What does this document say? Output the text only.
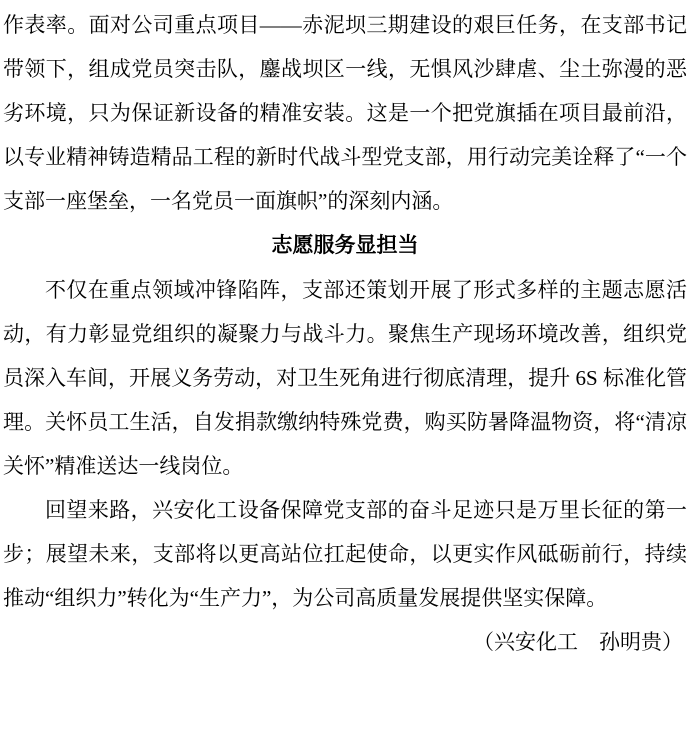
作表率。面对公司重点项目——赤泥坝三期建设的艰巨任务，在支部书记带领下，组成党员突击队，鏖战坝区一线，无惧风沙肆虐、尘土弥漫的恶劣环境，只为保证新设备的精准安装。这是一个把党旗插在项目最前沿，以专业精神铸造精品工程的新时代战斗型党支部，用行动完美诠释了“一个支部一座堡垒，一名党员一面旗帜”的深刻内涵。

志愿服务显担当

不仅在重点领域冲锋陷阵，支部还策划开展了形式多样的主题志愿活动，有力彰显党组织的凝聚力与战斗力。聚焦生产现场环境改善，组织党员深入车间，开展义务劳动，对卫生死角进行彻底清理，提升 6S 标准化管理。关怀员工生活，自发捐款缴纳特殊党费，购买防暑降温物资，将“清凉关怀”精准送达一线岗位。

回望来路，兴安化工设备保障党支部的奋斗足迹只是万里长征的第一步；展望未来，支部将以更高站位扛起使命，以更实作风砥砺前行，持续推动“组织力”转化为“生产力”，为公司高质量发展提供坚实保障。

（兴安化工　孙明贵）
